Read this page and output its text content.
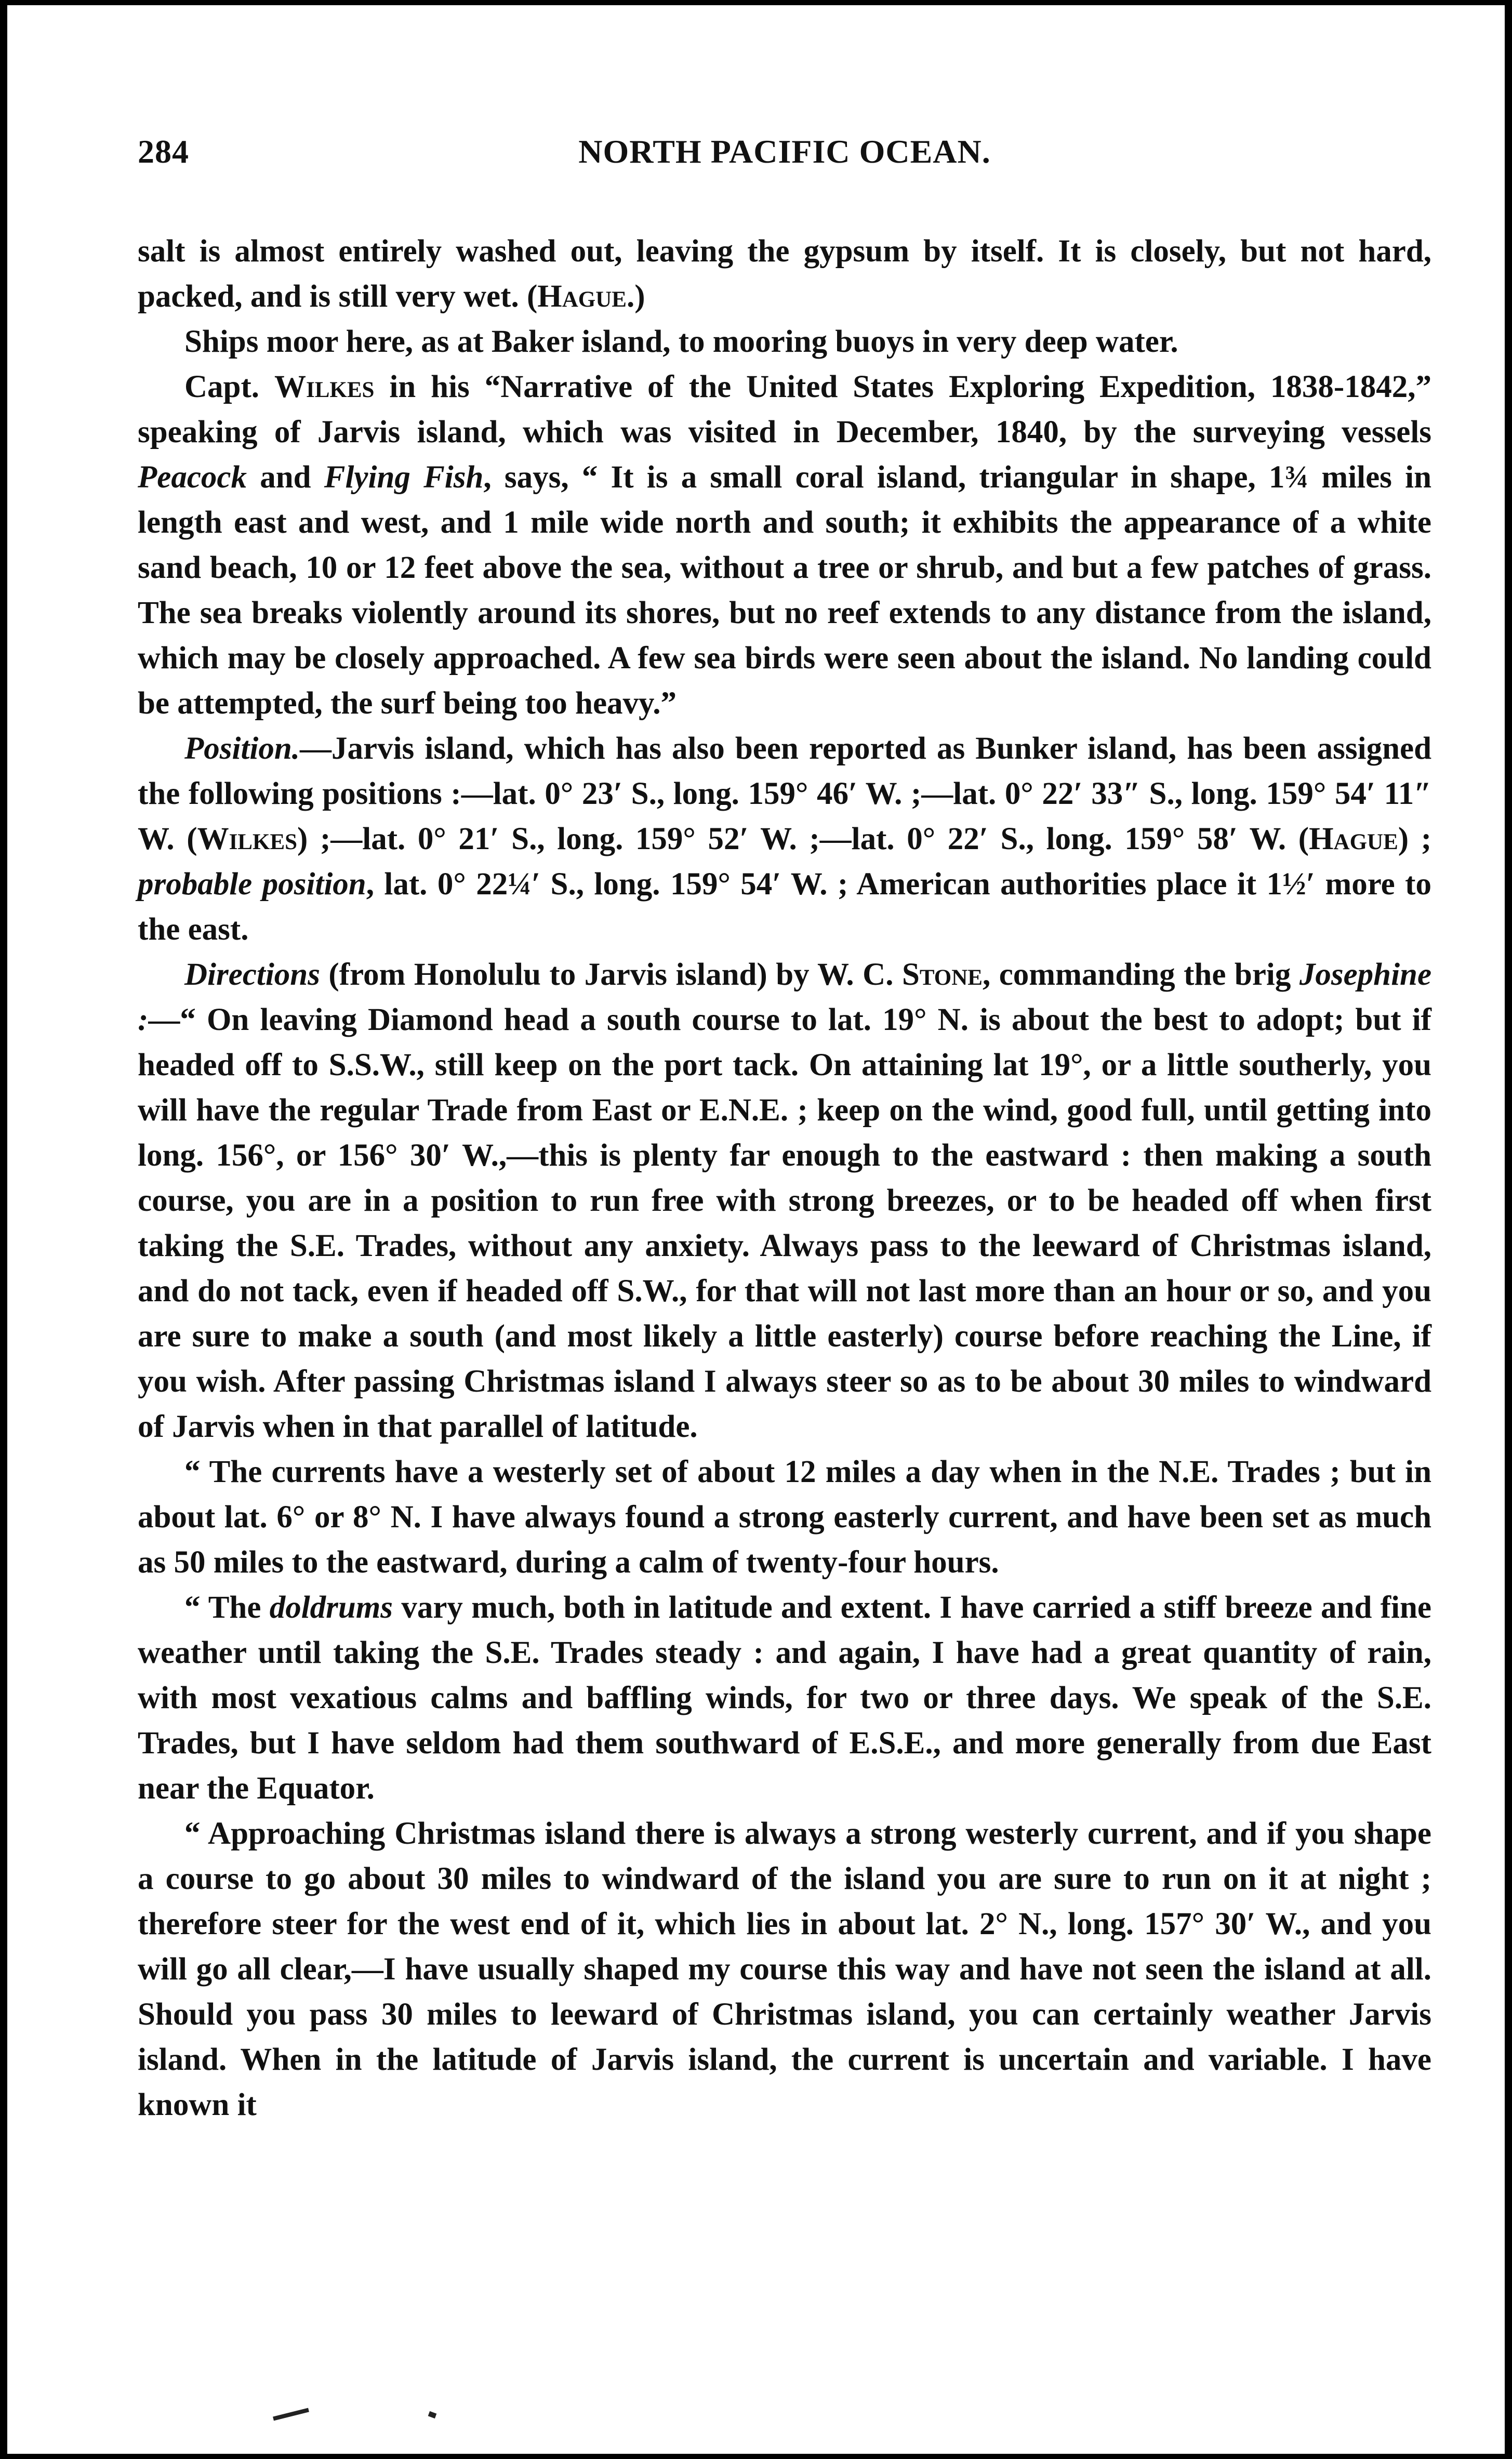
284	NORTH PACIFIC OCEAN.

salt is almost entirely washed out, leaving the gypsum by itself. It is closely, but not hard, packed, and is still very wet. (Hague.)

Ships moor here, as at Baker island, to mooring buoys in very deep water.

Capt. Wilkes in his “Narrative of the United States Exploring Expedition, 1838-1842,” speaking of Jarvis island, which was visited in December, 1840, by the surveying vessels Peacock and Flying Fish, says, “ It is a small coral island, triangular in shape, 1¾ miles in length east and west, and 1 mile wide north and south; it exhibits the appearance of a white sand beach, 10 or 12 feet above the sea, without a tree or shrub, and but a few patches of grass. The sea breaks violently around its shores, but no reef extends to any distance from the island, which may be closely approached. A few sea birds were seen about the island. No landing could be attempted, the surf being too heavy.”

Position.—Jarvis island, which has also been reported as Bunker island, has been assigned the following positions :—lat. 0° 23′ S., long. 159° 46′ W. ;—lat. 0° 22′ 33″ S., long. 159° 54′ 11″ W. (Wilkes) ;—lat. 0° 21′ S., long. 159° 52′ W. ;—lat. 0° 22′ S., long. 159° 58′ W. (Hague) ; probable position, lat. 0° 22¼′ S., long. 159° 54′ W. ; American authorities place it 1½′ more to the east.

Directions (from Honolulu to Jarvis island) by W. C. Stone, commanding the brig Josephine :—“ On leaving Diamond head a south course to lat. 19° N. is about the best to adopt; but if headed off to S.S.W., still keep on the port tack. On attaining lat 19°, or a little southerly, you will have the regular Trade from East or E.N.E. ; keep on the wind, good full, until getting into long. 156°, or 156° 30′ W.,—this is plenty far enough to the eastward : then making a south course, you are in a position to run free with strong breezes, or to be headed off when first taking the S.E. Trades, without any anxiety. Always pass to the leeward of Christmas island, and do not tack, even if headed off S.W., for that will not last more than an hour or so, and you are sure to make a south (and most likely a little easterly) course before reaching the Line, if you wish. After passing Christmas island I always steer so as to be about 30 miles to windward of Jarvis when in that parallel of latitude.

“ The currents have a westerly set of about 12 miles a day when in the N.E. Trades ; but in about lat. 6° or 8° N. I have always found a strong easterly current, and have been set as much as 50 miles to the eastward, during a calm of twenty-four hours.

“ The doldrums vary much, both in latitude and extent. I have carried a stiff breeze and fine weather until taking the S.E. Trades steady : and again, I have had a great quantity of rain, with most vexatious calms and baffling winds, for two or three days. We speak of the S.E. Trades, but I have seldom had them southward of E.S.E., and more generally from due East near the Equator.

“ Approaching Christmas island there is always a strong westerly current, and if you shape a course to go about 30 miles to windward of the island you are sure to run on it at night ; therefore steer for the west end of it, which lies in about lat. 2° N., long. 157° 30′ W., and you will go all clear,—I have usually shaped my course this way and have not seen the island at all. Should you pass 30 miles to leeward of Christmas island, you can certainly weather Jarvis island. When in the latitude of Jarvis island, the current is uncertain and variable. I have known it
